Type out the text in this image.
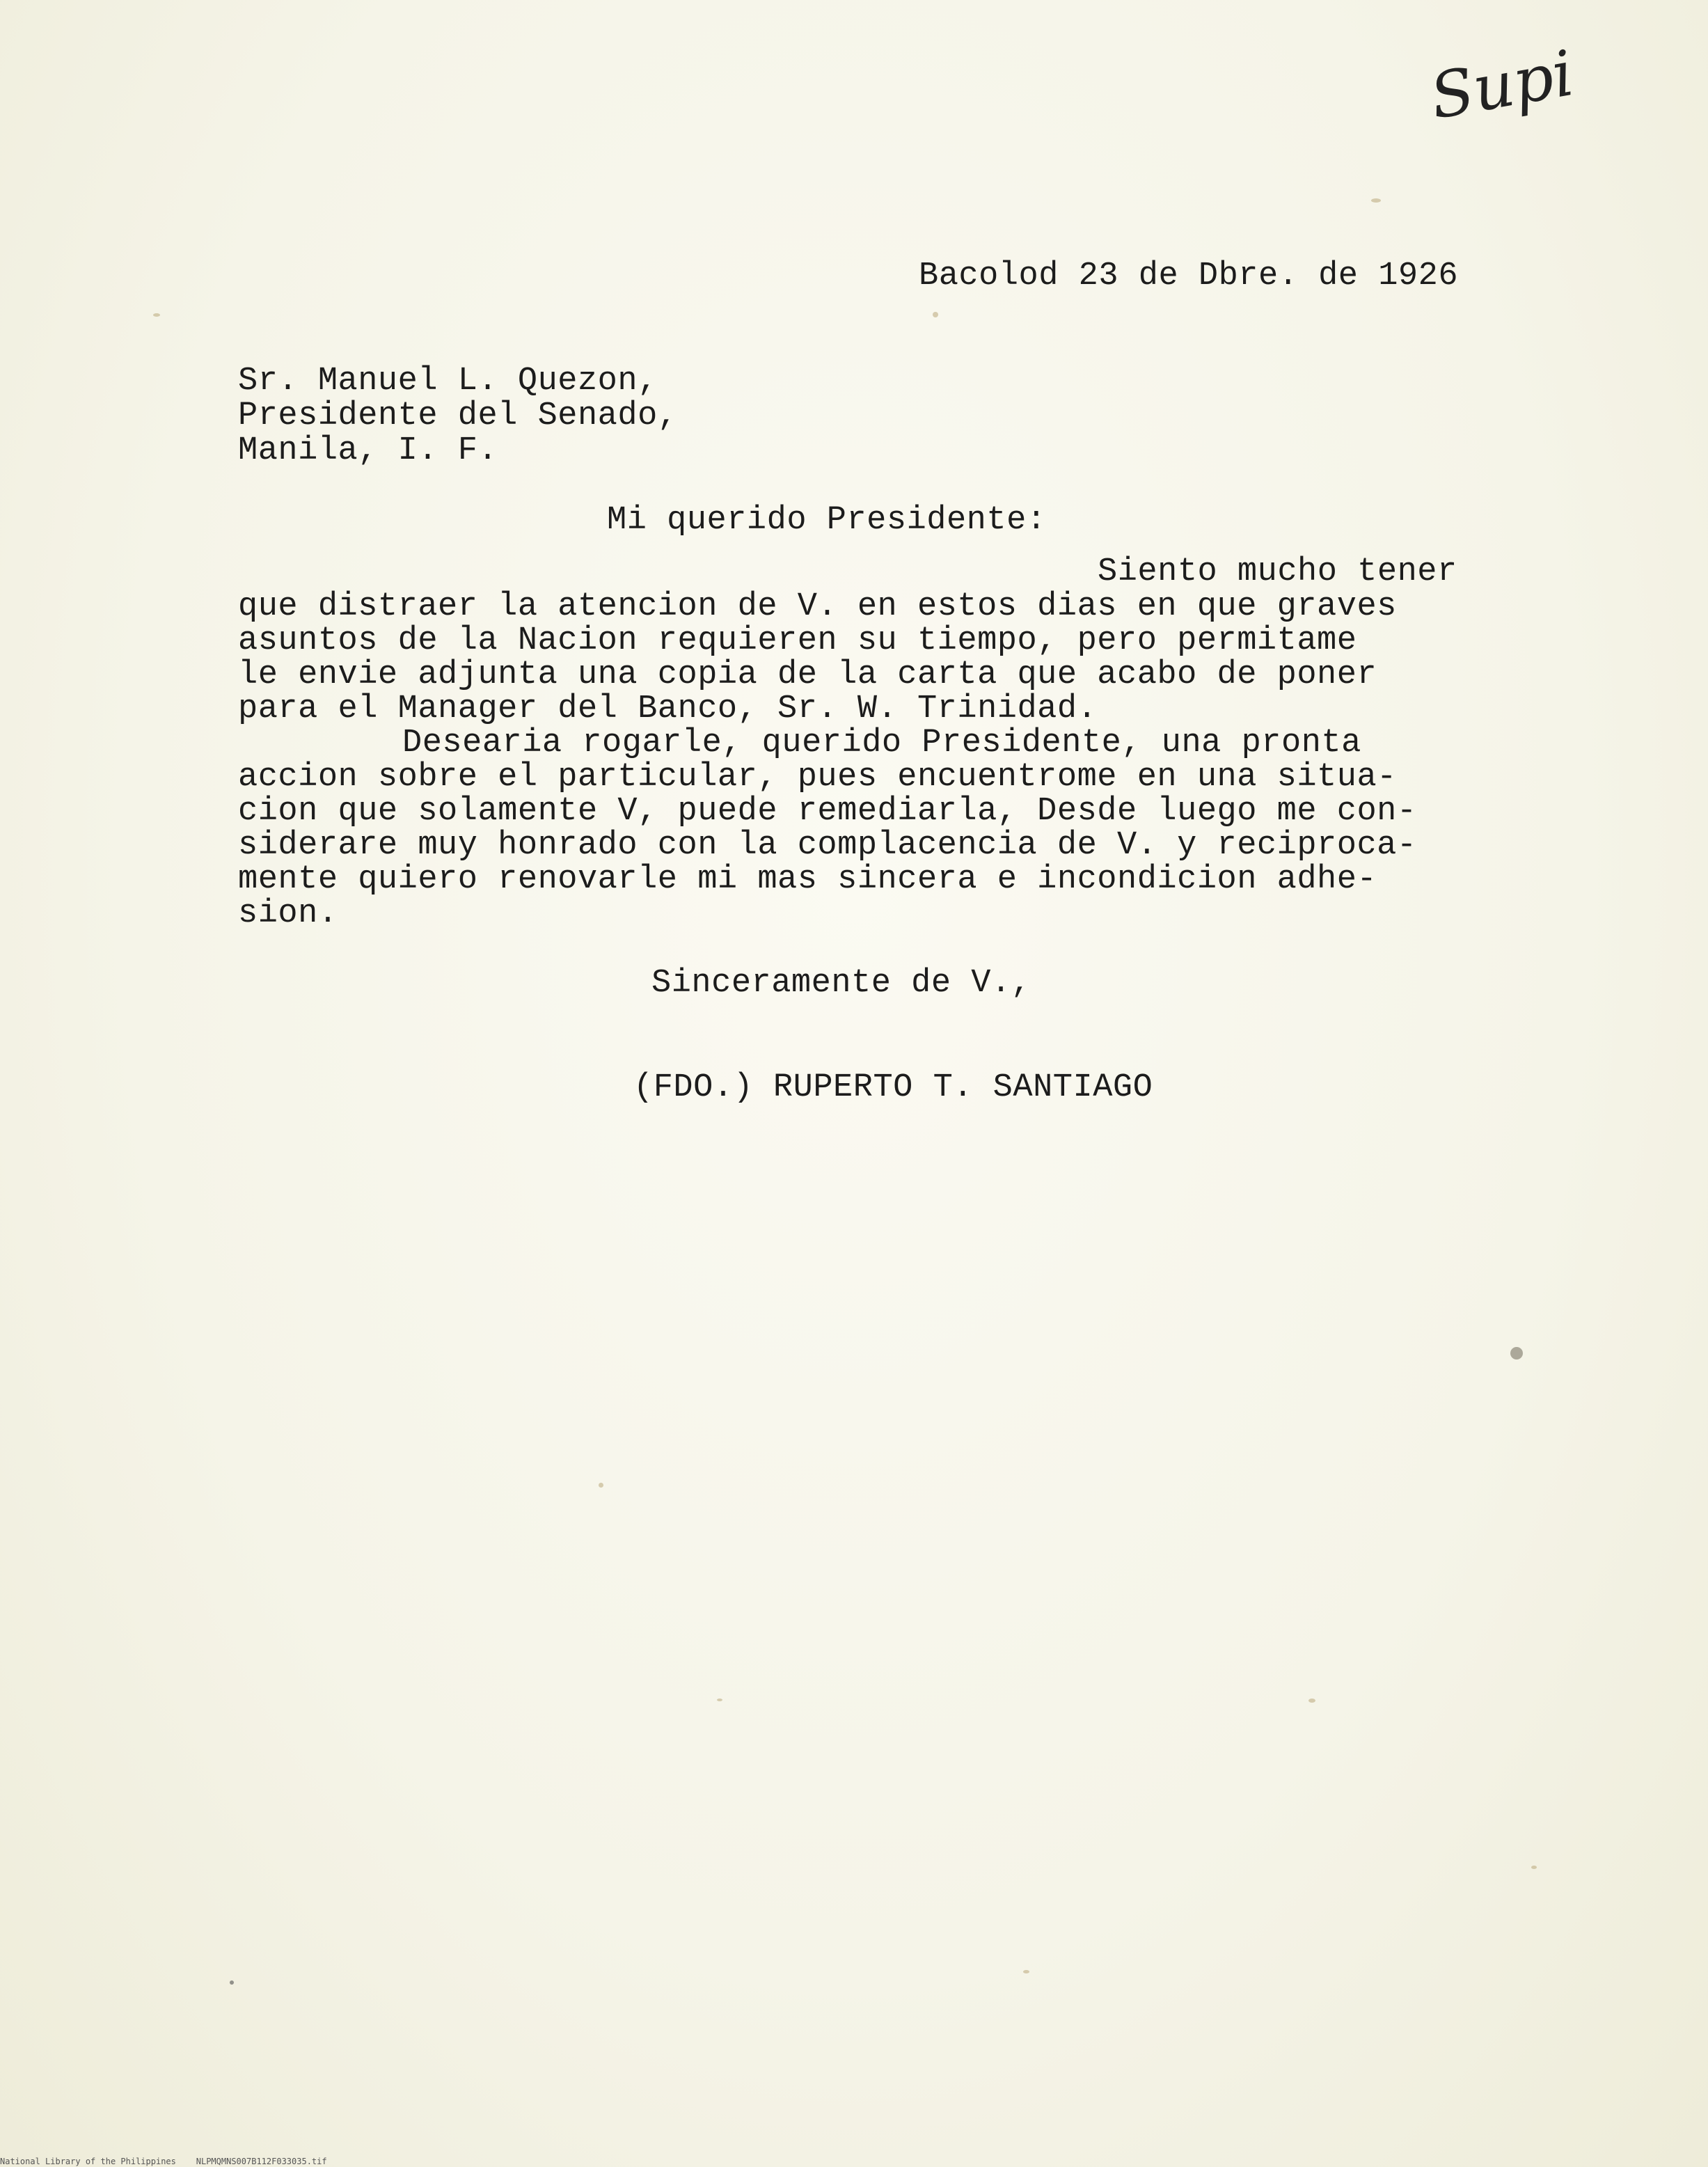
Supi
Bacolod 23 de Dbre. de 1926
Sr. Manuel L. Quezon,
Presidente del Senado,
Manila, I. F.
Mi querido Presidente:
Siento mucho tener
que distraer la atencion de V. en estos dias en que graves
asuntos de la Nacion requieren su tiempo, pero permitame
le envie adjunta una copia de la carta que acabo de poner
para el Manager del Banco, Sr. W. Trinidad.
Desearia rogarle, querido Presidente, una pronta
accion sobre el particular, pues encuentrome en una situa-
cion que solamente V, puede remediarla, Desde luego me con-
siderare muy honrado con la complacencia de V. y reciproca-
mente quiero renovarle mi mas sincera e incondicion adhe-
sion.
Sinceramente de V.,
(FDO.) RUPERTO T. SANTIAGO
National Library of the Philippines    NLPMQMNS007B112F033035.tif
